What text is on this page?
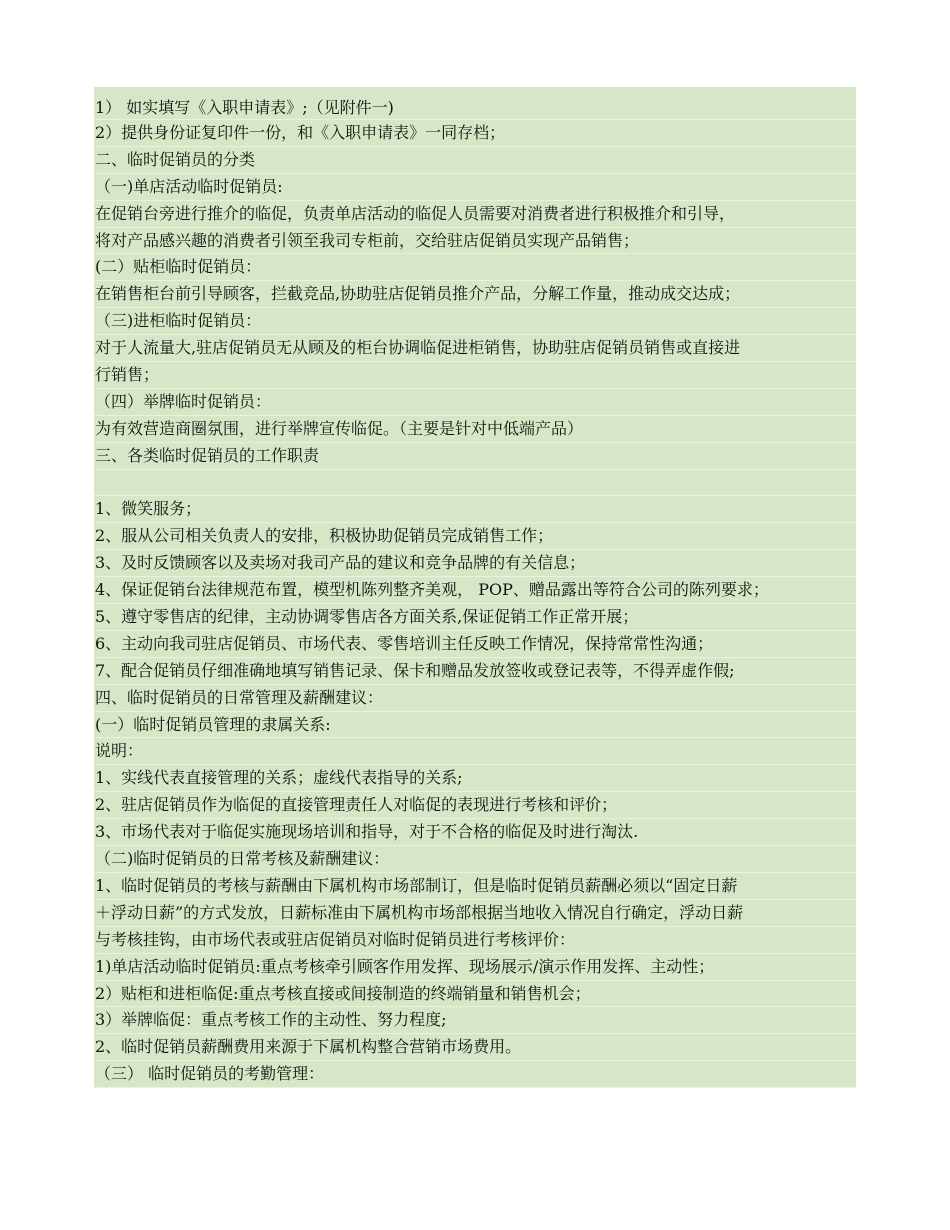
1） 如实填写《入职申请表》;（见附件一)
2）提供身份证复印件一份，和《入职申请表》一同存档；
二、临时促销员的分类
（一)单店活动临时促销员:
在促销台旁进行推介的临促，负责单店活动的临促人员需要对消费者进行积极推介和引导，
将对产品感兴趣的消费者引领至我司专柜前，交给驻店促销员实现产品销售；
(二）贴柜临时促销员：
在销售柜台前引导顾客，拦截竞品,协助驻店促销员推介产品，分解工作量，推动成交达成；
（三)进柜临时促销员：
对于人流量大,驻店促销员无从顾及的柜台协调临促进柜销售，协助驻店促销员销售或直接进
行销售；
（四）举牌临时促销员：
为有效营造商圈氛围，进行举牌宣传临促。（主要是针对中低端产品）
三、各类临时促销员的工作职责
1、微笑服务；
2、服从公司相关负责人的安排，积极协助促销员完成销售工作；
3、及时反馈顾客以及卖场对我司产品的建议和竞争品牌的有关信息；
4、保证促销台法律规范布置，模型机陈列整齐美观， POP、赠品露出等符合公司的陈列要求；
5、遵守零售店的纪律，主动协调零售店各方面关系,保证促销工作正常开展；
6、主动向我司驻店促销员、市场代表、零售培训主任反映工作情况，保持常常性沟通；
7、配合促销员仔细准确地填写销售记录、保卡和赠品发放签收或登记表等，不得弄虚作假;
四、临时促销员的日常管理及薪酬建议：
(一）临时促销员管理的隶属关系:
说明：
1、实线代表直接管理的关系；虚线代表指导的关系;
2、驻店促销员作为临促的直接管理责任人对临促的表现进行考核和评价；
3、市场代表对于临促实施现场培训和指导，对于不合格的临促及时进行淘汰.
（二)临时促销员的日常考核及薪酬建议：
1、临时促销员的考核与薪酬由下属机构市场部制订，但是临时促销员薪酬必须以“固定日薪
＋浮动日薪”的方式发放，日薪标准由下属机构市场部根据当地收入情况自行确定，浮动日薪
与考核挂钩，由市场代表或驻店促销员对临时促销员进行考核评价：
1)单店活动临时促销员:重点考核牵引顾客作用发挥、现场展示/演示作用发挥、主动性；
2）贴柜和进柜临促:重点考核直接或间接制造的终端销量和销售机会；
3）举牌临促：重点考核工作的主动性、努力程度;
2、临时促销员薪酬费用来源于下属机构整合营销市场费用。
（三） 临时促销员的考勤管理：
